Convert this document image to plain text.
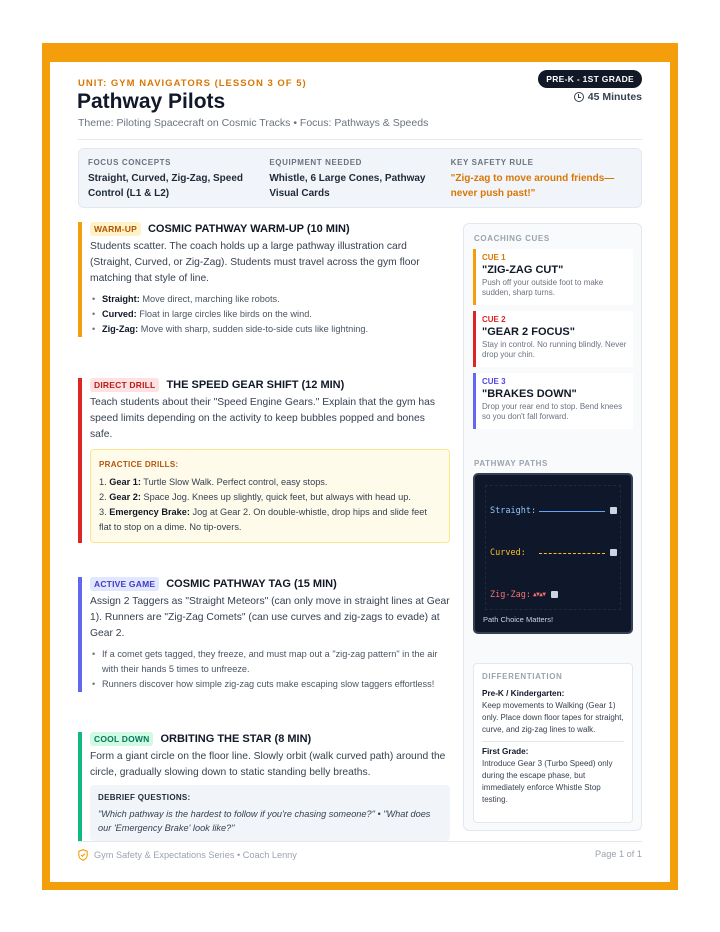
UNIT: GYM NAVIGATORS (LESSON 3 OF 5)
Pathway Pilots
Theme: Piloting Spacecraft on Cosmic Tracks • Focus: Pathways & Speeds
PRE-K - 1ST GRADE
45 Minutes
FOCUS CONCEPTS
Straight, Curved, Zig-Zag, Speed Control (L1 & L2)
EQUIPMENT NEEDED
Whistle, 6 Large Cones, Pathway Visual Cards
KEY SAFETY RULE
"Zig-zag to move around friends—never push past!"
WARM-UP	COSMIC PATHWAY WARM-UP (10 MIN)
Students scatter. The coach holds up a large pathway illustration card (Straight, Curved, or Zig-Zag). Students must travel across the gym floor matching that style of line.
• Straight: Move direct, marching like robots.
• Curved: Float in large circles like birds on the wind.
• Zig-Zag: Move with sharp, sudden side-to-side cuts like lightning.
DIRECT DRILL	THE SPEED GEAR SHIFT (12 MIN)
Teach students about their "Speed Engine Gears." Explain that the gym has speed limits depending on the activity to keep bubbles popped and bones safe.
PRACTICE DRILLS:
1. Gear 1: Turtle Slow Walk. Perfect control, easy stops.
2. Gear 2: Space Jog. Knees up slightly, quick feet, but always with head up.
3. Emergency Brake: Jog at Gear 2. On double-whistle, drop hips and slide feet flat to stop on a dime. No tip-overs.
ACTIVE GAME	COSMIC PATHWAY TAG (15 MIN)
Assign 2 Taggers as "Straight Meteors" (can only move in straight lines at Gear 1). Runners are "Zig-Zag Comets" (can use curves and zig-zags to evade) at Gear 2.
• If a comet gets tagged, they freeze, and must map out a "zig-zag pattern" in the air with their hands 5 times to unfreeze.
• Runners discover how simple zig-zag cuts make escaping slow taggers effortless!
COOL DOWN	ORBITING THE STAR (8 MIN)
Form a giant circle on the floor line. Slowly orbit (walk curved path) around the circle, gradually slowing down to static standing belly breaths.
DEBRIEF QUESTIONS:
"Which pathway is the hardest to follow if you're chasing someone?" • "What does our 'Emergency Brake' look like?"
COACHING CUES
CUE 1
"ZIG-ZAG CUT"
Push off your outside foot to make sudden, sharp turns.
CUE 2
"GEAR 2 FOCUS"
Stay in control. No running blindly. Never drop your chin.
CUE 3
"BRAKES DOWN"
Drop your rear end to stop. Bend knees so you don't fall forward.
PATHWAY PATHS
Straight:
Curved:
Zig-Zag: ▲▼▲▼
Path Choice Matters!
DIFFERENTIATION
Pre-K / Kindergarten:
Keep movements to Walking (Gear 1) only. Place down floor tapes for straight, curve, and zig-zag lines to walk.
First Grade:
Introduce Gear 3 (Turbo Speed) only during the escape phase, but immediately enforce Whistle Stop testing.
Gym Safety & Expectations Series • Coach Lenny	Page 1 of 1
